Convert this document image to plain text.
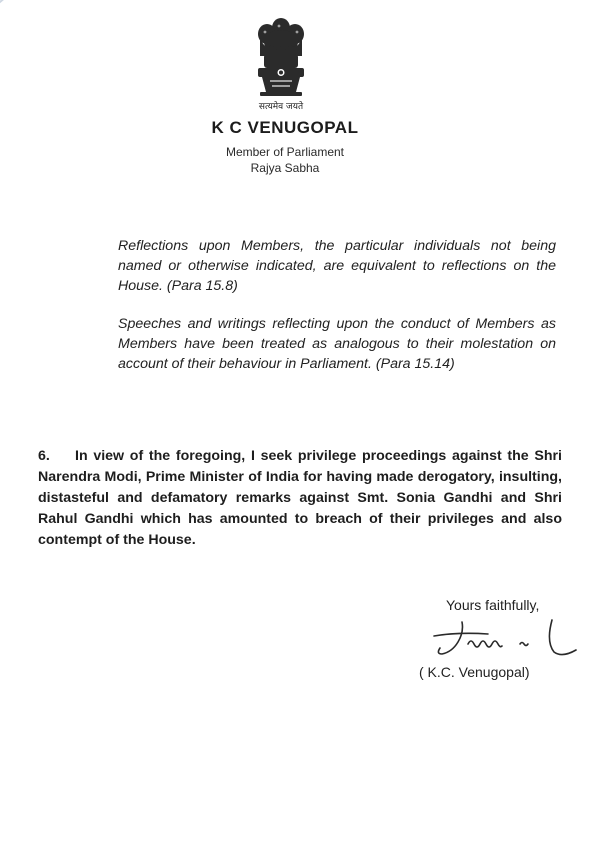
सत्यमेव जयते
K C VENUGOPAL
Member of Parliament
Rajya Sabha
Reflections upon Members, the particular individuals not being named or otherwise indicated, are equivalent to reflections on the House. (Para 15.8)
Speeches and writings reflecting upon the conduct of Members as Members have been treated as analogous to their molestation on account of their behaviour in Parliament. (Para 15.14)
6. In view of the foregoing, I seek privilege proceedings against the Shri Narendra Modi, Prime Minister of India for having made derogatory, insulting, distasteful and defamatory remarks against Smt. Sonia Gandhi and Shri Rahul Gandhi which has amounted to breach of their privileges and also contempt of the House.
Yours faithfully,
( K.C. Venugopal)
